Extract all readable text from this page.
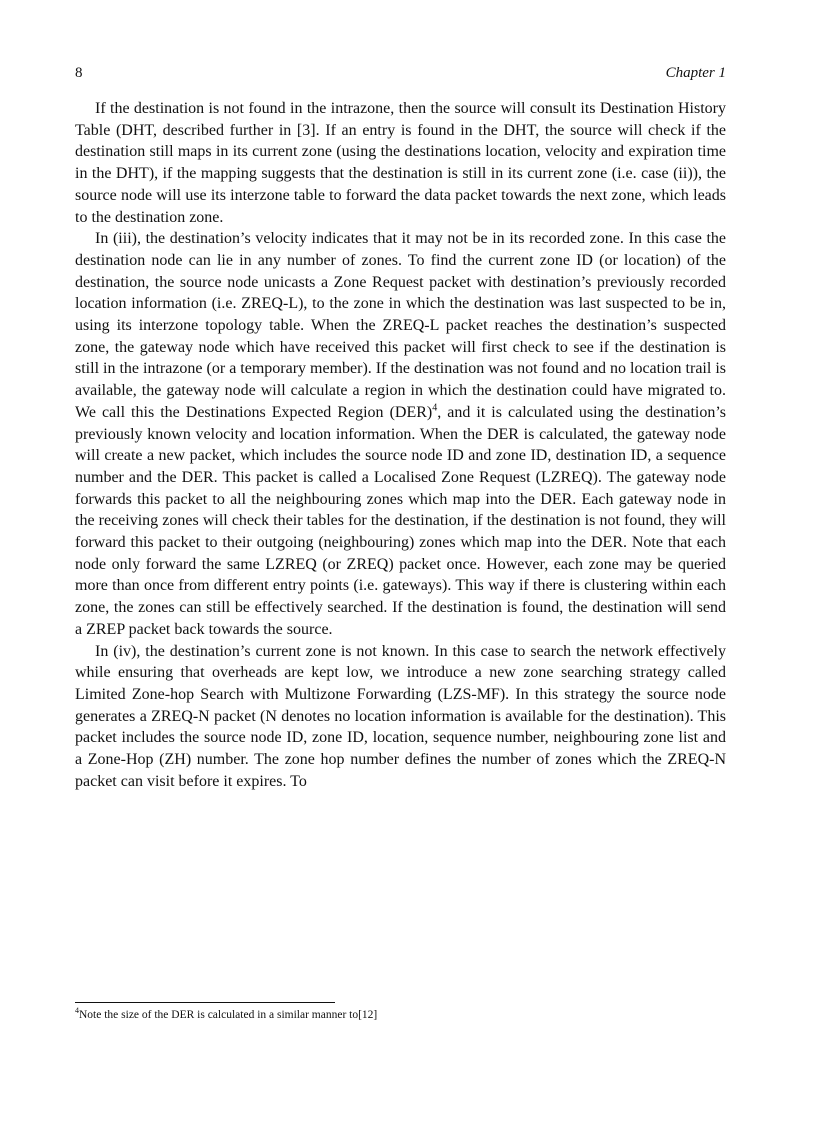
8	Chapter 1

If the destination is not found in the intrazone, then the source will consult its Destination History Table (DHT, described further in [3]. If an entry is found in the DHT, the source will check if the destination still maps in its current zone (using the destinations location, velocity and expiration time in the DHT), if the mapping suggests that the destination is still in its current zone (i.e. case (ii)), the source node will use its interzone table to forward the data packet towards the next zone, which leads to the destination zone.

In (iii), the destination’s velocity indicates that it may not be in its recorded zone. In this case the destination node can lie in any number of zones. To find the current zone ID (or location) of the destination, the source node unicasts a Zone Request packet with destination’s previously recorded location information (i.e. ZREQ-L), to the zone in which the destination was last suspected to be in, using its interzone topology table. When the ZREQ-L packet reaches the destination’s suspected zone, the gateway node which have received this packet will first check to see if the destination is still in the intrazone (or a temporary member). If the destination was not found and no location trail is available, the gateway node will calculate a region in which the destination could have migrated to. We call this the Destinations Expected Region (DER)$^4$, and it is calculated using the destination’s previously known velocity and location information. When the DER is calculated, the gateway node will create a new packet, which includes the source node ID and zone ID, destination ID, a sequence number and the DER. This packet is called a Localised Zone Request (LZREQ). The gateway node forwards this packet to all the neighbouring zones which map into the DER. Each gateway node in the receiving zones will check their tables for the destination, if the destination is not found, they will forward this packet to their outgoing (neighbouring) zones which map into the DER. Note that each node only forward the same LZREQ (or ZREQ) packet once. However, each zone may be queried more than once from different entry points (i.e. gateways). This way if there is clustering within each zone, the zones can still be effectively searched. If the destination is found, the destination will send a ZREP packet back towards the source.

In (iv), the destination’s current zone is not known. In this case to search the network effectively while ensuring that overheads are kept low, we introduce a new zone searching strategy called Limited Zone-hop Search with Multizone Forwarding (LZS-MF). In this strategy the source node generates a ZREQ-N packet (N denotes no location information is available for the destination). This packet includes the source node ID, zone ID, location, sequence number, neighbouring zone list and a Zone-Hop (ZH) number. The zone hop number defines the number of zones which the ZREQ-N packet can visit before it expires. To

$^4$Note the size of the DER is calculated in a similar manner to[12]
